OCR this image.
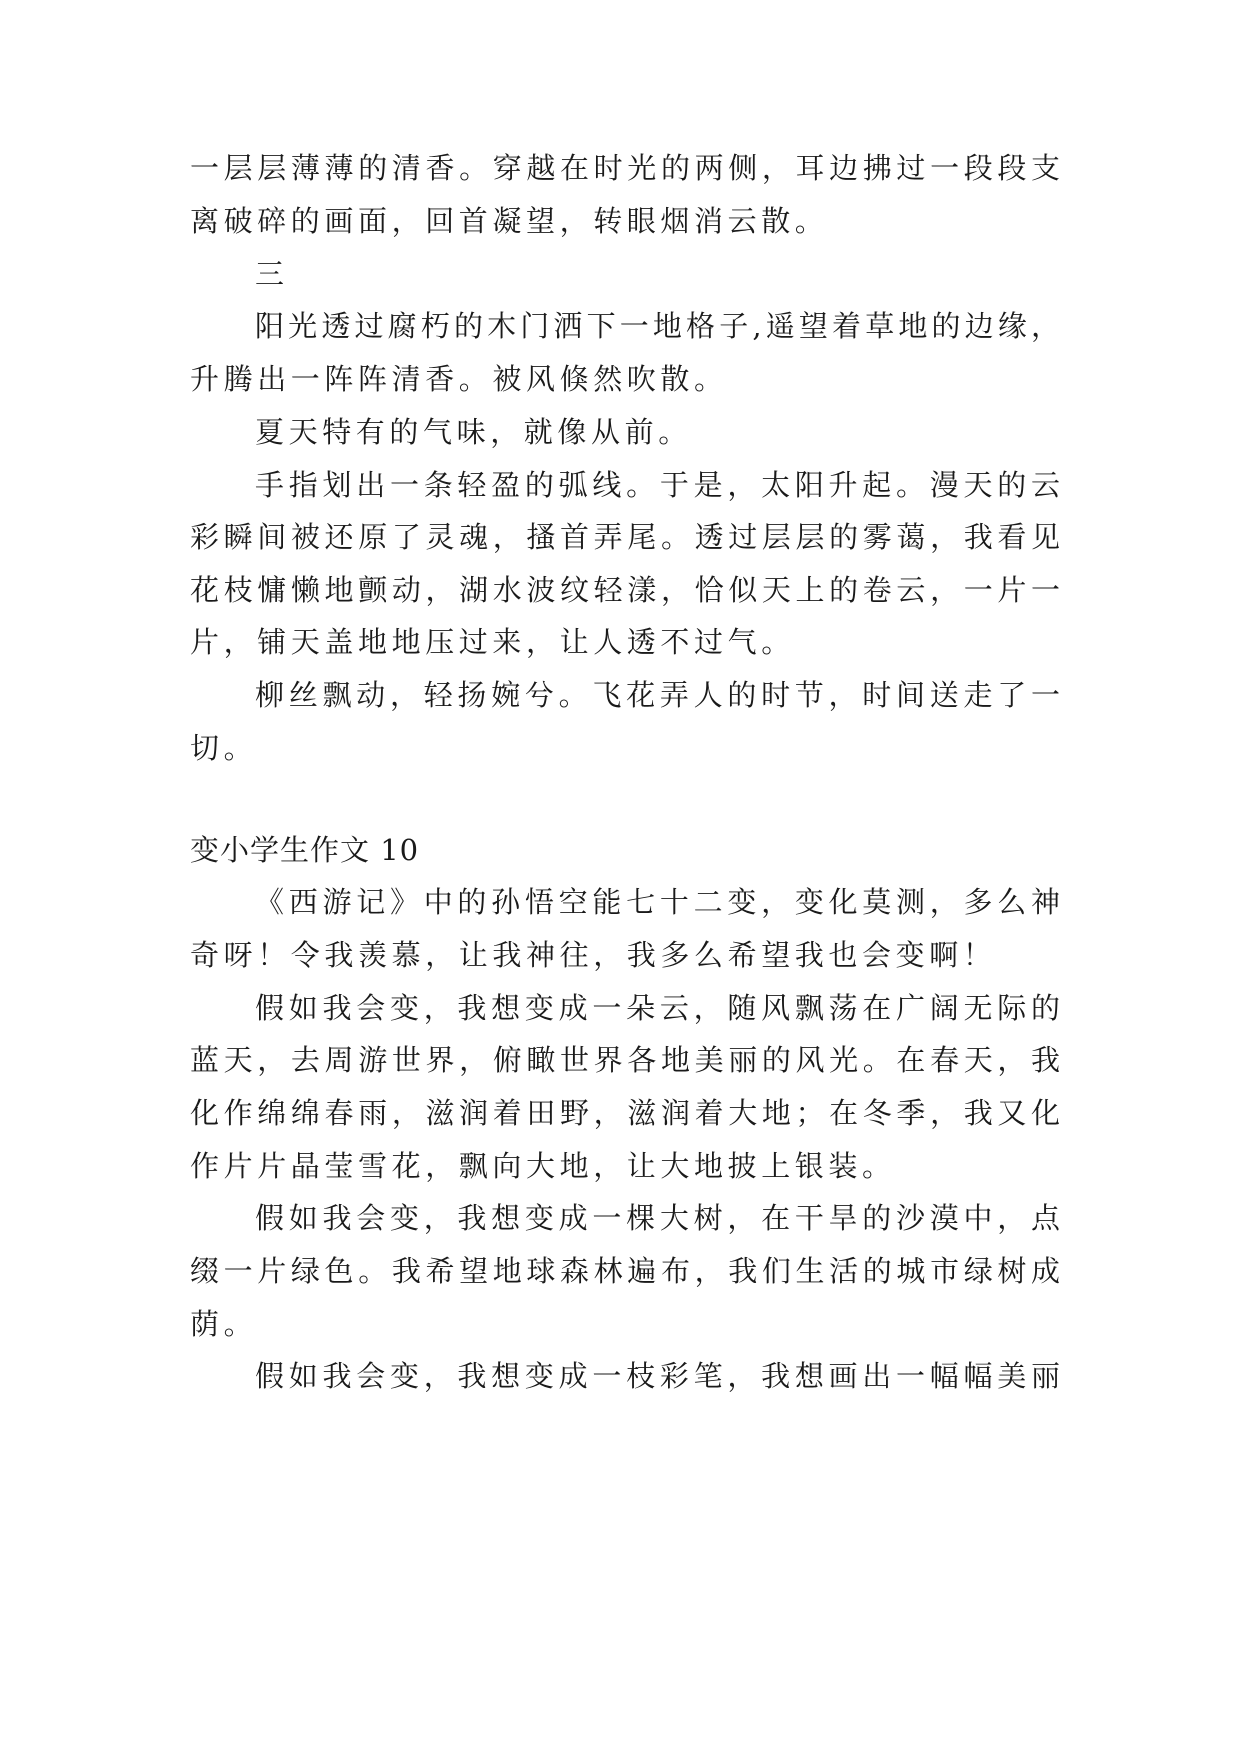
一层层薄薄的清香。穿越在时光的两侧，耳边拂过一段段支
离破碎的画面，回首凝望，转眼烟消云散。
三
阳光透过腐朽的木门洒下一地格子,遥望着草地的边缘，
升腾出一阵阵清香。被风倏然吹散。
夏天特有的气味，就像从前。
手指划出一条轻盈的弧线。于是，太阳升起。漫天的云
彩瞬间被还原了灵魂，搔首弄尾。透过层层的雾蔼，我看见
花枝慵懒地颤动，湖水波纹轻漾，恰似天上的卷云，一片一
片，铺天盖地地压过来，让人透不过气。
柳丝飘动，轻扬婉兮。飞花弄人的时节，时间送走了一
切。
变小学生作文 10
《西游记》中的孙悟空能七十二变，变化莫测，多么神
奇呀！令我羡慕，让我神往，我多么希望我也会变啊！
假如我会变，我想变成一朵云，随风飘荡在广阔无际的
蓝天，去周游世界，俯瞰世界各地美丽的风光。在春天，我
化作绵绵春雨，滋润着田野，滋润着大地；在冬季，我又化
作片片晶莹雪花，飘向大地，让大地披上银装。
假如我会变，我想变成一棵大树，在干旱的沙漠中，点
缀一片绿色。我希望地球森林遍布，我们生活的城市绿树成
荫。
假如我会变，我想变成一枝彩笔，我想画出一幅幅美丽
